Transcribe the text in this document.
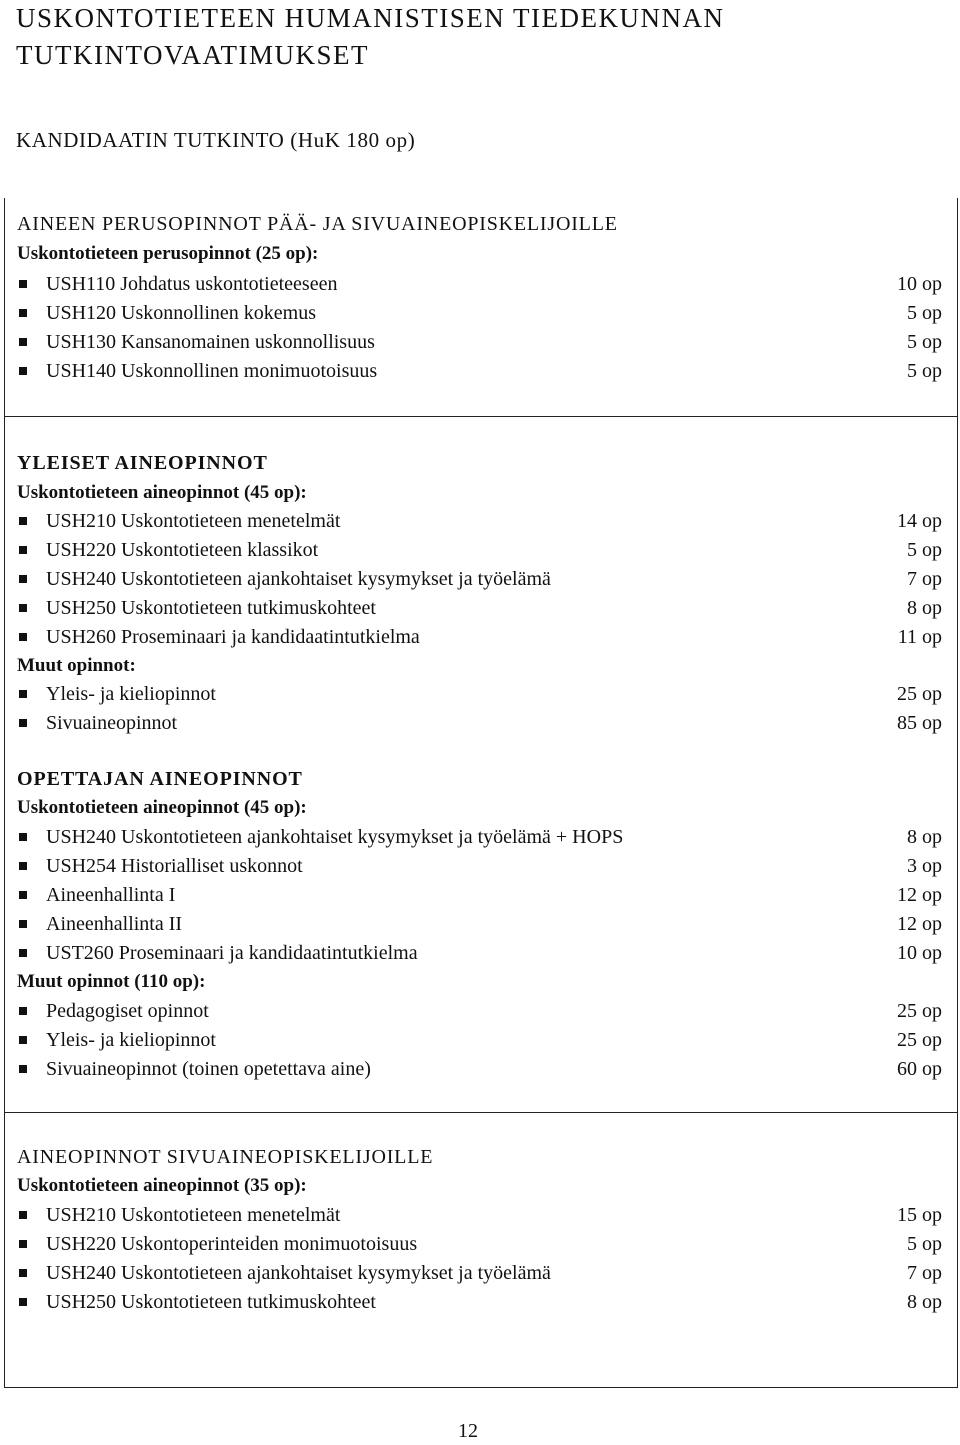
USKONTOTIETEEN HUMANISTISEN TIEDEKUNNAN TUTKINTOVAATIMUKSET
KANDIDAATIN TUTKINTO (HuK 180 op)
AINEEN PERUSOPINNOT PÄÄ- JA SIVUAINEOPISKELIJOILLE
Uskontotieteen perusopinnot (25 op):
USH110 Johdatus uskontotieteeseen	10 op
USH120 Uskonnollinen kokemus	5 op
USH130 Kansanomainen uskonnollisuus	5 op
USH140 Uskonnollinen monimuotoisuus	5 op
YLEISET AINEOPINNOT
Uskontotieteen aineopinnot (45 op):
USH210 Uskontotieteen menetelmät	14 op
USH220 Uskontotieteen klassikot	5 op
USH240 Uskontotieteen ajankohtaiset kysymykset ja työelämä	7 op
USH250 Uskontotieteen tutkimuskohteet	8 op
USH260 Proseminaari ja kandidaatintutkielma	11 op
Muut opinnot:
Yleis- ja kieliopinnot	25 op
Sivuaineopinnot	85 op
OPETTAJAN AINEOPINNOT
Uskontotieteen aineopinnot (45 op):
USH240 Uskontotieteen ajankohtaiset kysymykset ja työelämä + HOPS	8 op
USH254 Historialliset uskonnot	3 op
Aineenhallinta I	12 op
Aineenhallinta II	12 op
UST260 Proseminaari ja kandidaatintutkielma	10 op
Muut opinnot (110 op):
Pedagogiset opinnot	25 op
Yleis- ja kieliopinnot	25 op
Sivuaineopinnot (toinen opetettava aine)	60 op
AINEOPINNOT SIVUAINEOPISKELIJOILLE
Uskontotieteen aineopinnot (35 op):
USH210 Uskontotieteen menetelmät	15 op
USH220 Uskontoperinteiden monimuotoisuus	5 op
USH240 Uskontotieteen ajankohtaiset kysymykset ja työelämä	7 op
USH250 Uskontotieteen tutkimuskohteet	8 op
12
